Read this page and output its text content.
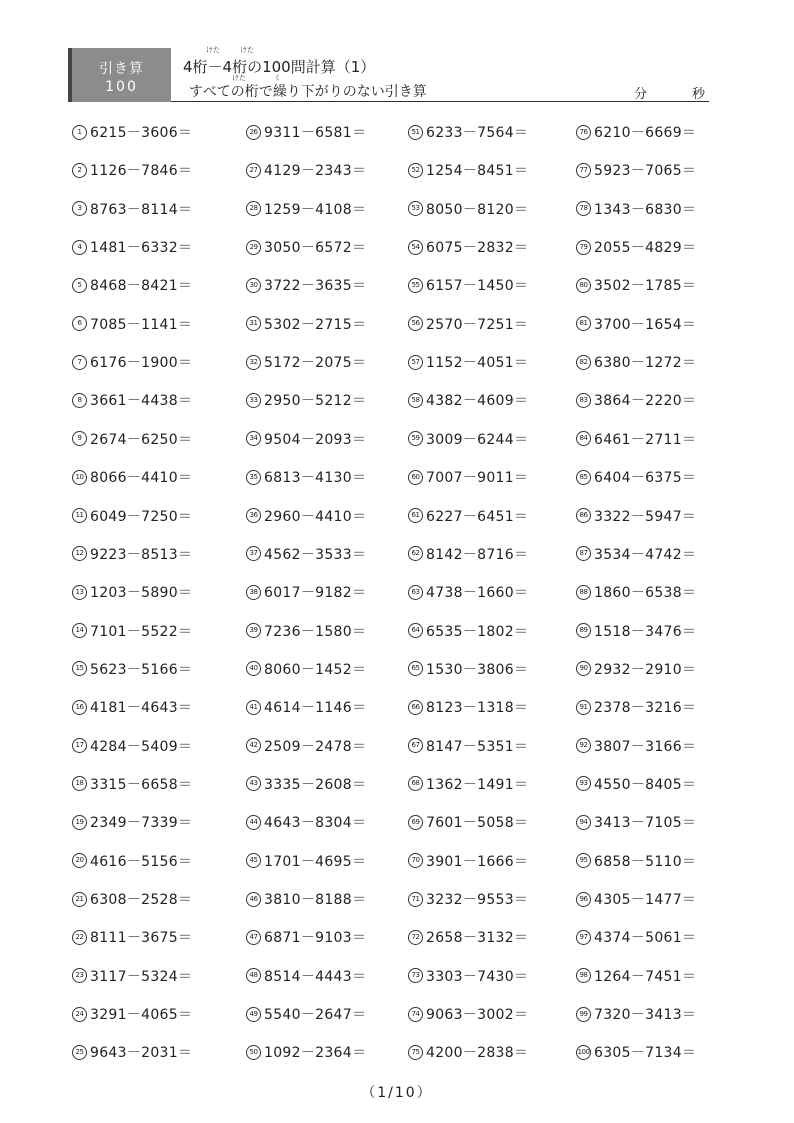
引き算
100
けた	けた
4桁－4桁の100問計算（1）
けた	く
すべての桁で繰り下がりのない引き算	分	秒
1 6215－3606＝
2 1126－7846＝
3 8763－8114＝
4 1481－6332＝
5 8468－8421＝
6 7085－1141＝
7 6176－1900＝
8 3661－4438＝
9 2674－6250＝
10 8066－4410＝
11 6049－7250＝
12 9223－8513＝
13 1203－5890＝
14 7101－5522＝
15 5623－5166＝
16 4181－4643＝
17 4284－5409＝
18 3315－6658＝
19 2349－7339＝
20 4616－5156＝
21 6308－2528＝
22 8111－3675＝
23 3117－5324＝
24 3291－4065＝
25 9643－2031＝
26 9311－6581＝
27 4129－2343＝
28 1259－4108＝
29 3050－6572＝
30 3722－3635＝
31 5302－2715＝
32 5172－2075＝
33 2950－5212＝
34 9504－2093＝
35 6813－4130＝
36 2960－4410＝
37 4562－3533＝
38 6017－9182＝
39 7236－1580＝
40 8060－1452＝
41 4614－1146＝
42 2509－2478＝
43 3335－2608＝
44 4643－8304＝
45 1701－4695＝
46 3810－8188＝
47 6871－9103＝
48 8514－4443＝
49 5540－2647＝
50 1092－2364＝
51 6233－7564＝
52 1254－8451＝
53 8050－8120＝
54 6075－2832＝
55 6157－1450＝
56 2570－7251＝
57 1152－4051＝
58 4382－4609＝
59 3009－6244＝
60 7007－9011＝
61 6227－6451＝
62 8142－8716＝
63 4738－1660＝
64 6535－1802＝
65 1530－3806＝
66 8123－1318＝
67 8147－5351＝
68 1362－1491＝
69 7601－5058＝
70 3901－1666＝
71 3232－9553＝
72 2658－3132＝
73 3303－7430＝
74 9063－3002＝
75 4200－2838＝
76 6210－6669＝
77 5923－7065＝
78 1343－6830＝
79 2055－4829＝
80 3502－1785＝
81 3700－1654＝
82 6380－1272＝
83 3864－2220＝
84 6461－2711＝
85 6404－6375＝
86 3322－5947＝
87 3534－4742＝
88 1860－6538＝
89 1518－3476＝
90 2932－2910＝
91 2378－3216＝
92 3807－3166＝
93 4550－8405＝
94 3413－7105＝
95 6858－5110＝
96 4305－1477＝
97 4374－5061＝
98 1264－7451＝
99 7320－3413＝
100 6305－7134＝
（1/10）
